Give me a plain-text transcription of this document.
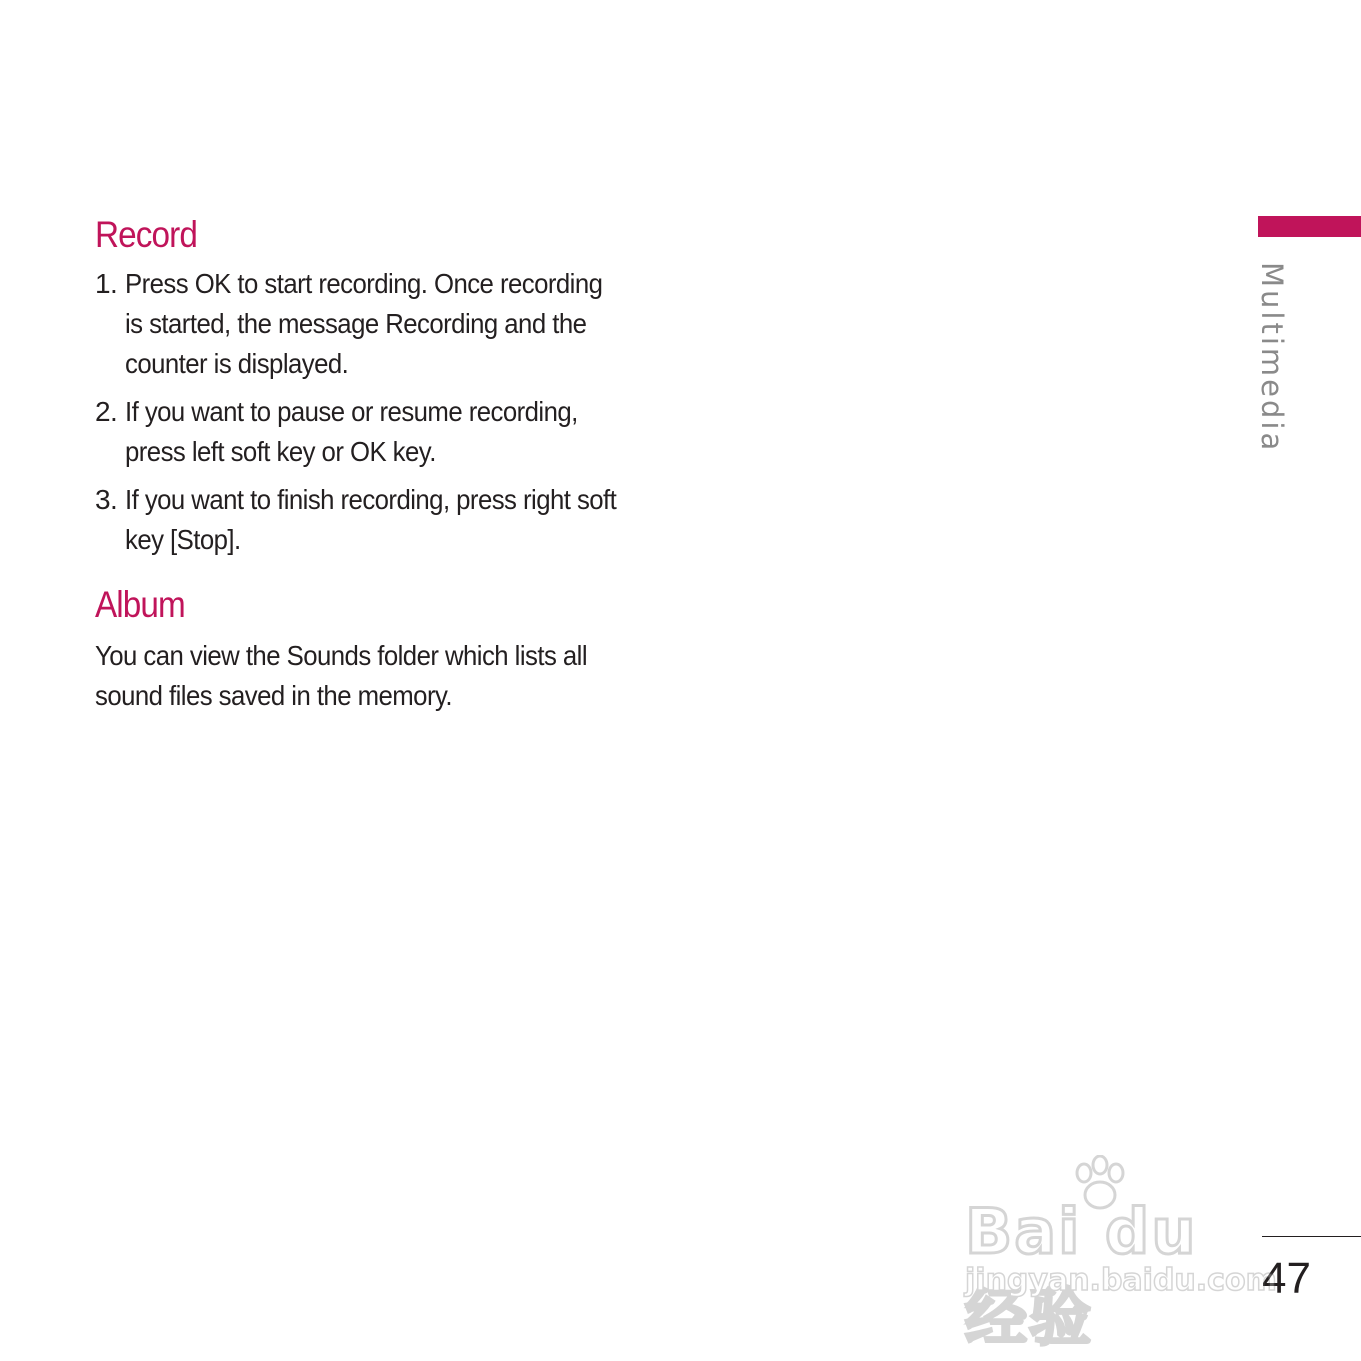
Record
1. Press OK to start recording. Once recording is started, the message Recording and the counter is displayed.
2. If you want to pause or resume recording, press left soft key or OK key.
3. If you want to finish recording, press right soft key [Stop].
Album

You can view the Sounds folder which lists all sound files saved in the memory.

Multimedia
47
Bai du 经验
jingyan.baidu.com
